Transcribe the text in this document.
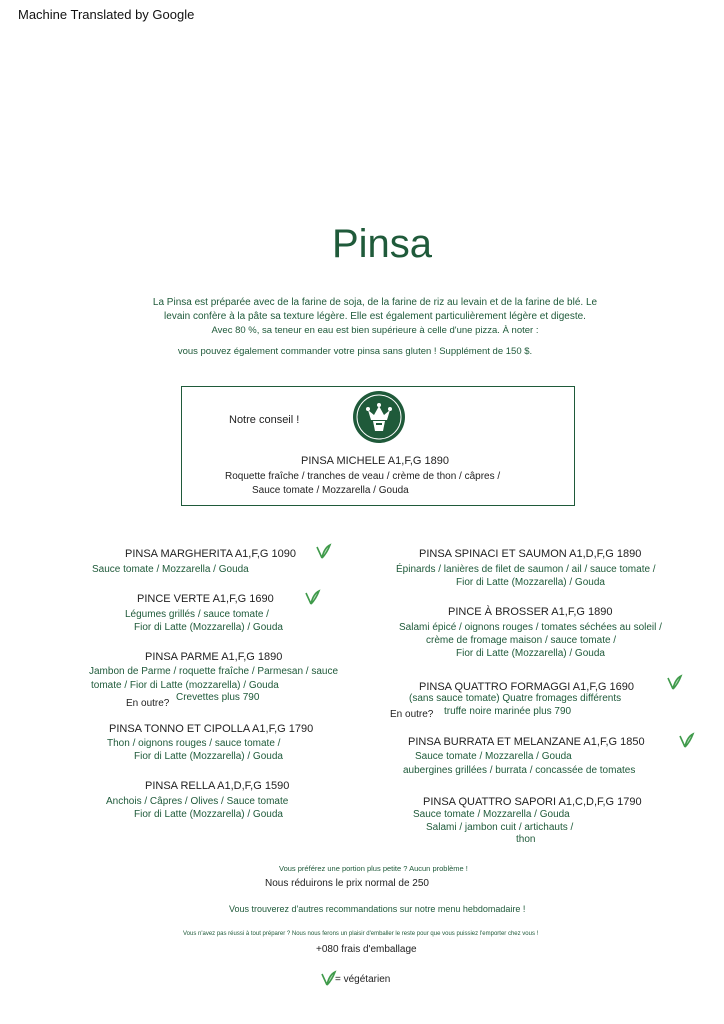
Machine Translated by Google
Pinsa
La Pinsa est préparée avec de la farine de soja, de la farine de riz au levain et de la farine de blé. Le
levain confère à la pâte sa texture légère. Elle est également particulièrement légère et digeste.
Avec 80 %, sa teneur en eau est bien supérieure à celle d'une pizza. À noter :
vous pouvez également commander votre pinsa sans gluten ! Supplément de 150 $.
Notre conseil !
PINSA MICHELE A1,F,G 1890
Roquette fraîche / tranches de veau / crème de thon / câpres /
Sauce tomate / Mozzarella / Gouda
PINSA MARGHERITA A1,F,G 1090
Sauce tomate / Mozzarella / Gouda
PINCE VERTE A1,F,G 1690
Légumes grillés / sauce tomate /
Fior di Latte (Mozzarella) / Gouda
PINSA PARME A1,F,G 1890
Jambon de Parme / roquette fraîche / Parmesan / sauce
tomate / Fior di Latte (mozzarella) / Gouda
En outre?
Crevettes plus 790
PINSA TONNO ET CIPOLLA A1,F,G 1790
Thon / oignons rouges / sauce tomate /
Fior di Latte (Mozzarella) / Gouda
PINSA RELLA A1,D,F,G 1590
Anchois / Câpres / Olives / Sauce tomate
Fior di Latte (Mozzarella) / Gouda
PINSA SPINACI ET SAUMON A1,D,F,G 1890
Épinards / lanières de filet de saumon / ail / sauce tomate /
Fior di Latte (Mozzarella) / Gouda
PINCE À BROSSER A1,F,G 1890
Salami épicé / oignons rouges / tomates séchées au soleil /
crème de fromage maison / sauce tomate /
Fior di Latte (Mozzarella) / Gouda
PINSA QUATTRO FORMAGGI A1,F,G 1690
(sans sauce tomate) Quatre fromages différents
En outre? truffe noire marinée plus 790
PINSA BURRATA ET MELANZANE A1,F,G 1850
Sauce tomate / Mozzarella / Gouda
aubergines grillées / burrata / concassée de tomates
PINSA QUATTRO SAPORI A1,C,D,F,G 1790
Sauce tomate / Mozzarella / Gouda
Salami / jambon cuit / artichauts /
thon
Vous préférez une portion plus petite ? Aucun problème !
Nous réduirons le prix normal de 250
Vous trouverez d'autres recommandations sur notre menu hebdomadaire !
Vous n'avez pas réussi à tout préparer ? Nous nous ferons un plaisir d'emballer le reste pour que vous puissiez l'emporter chez vous !
+080 frais d'emballage
= végétarien
